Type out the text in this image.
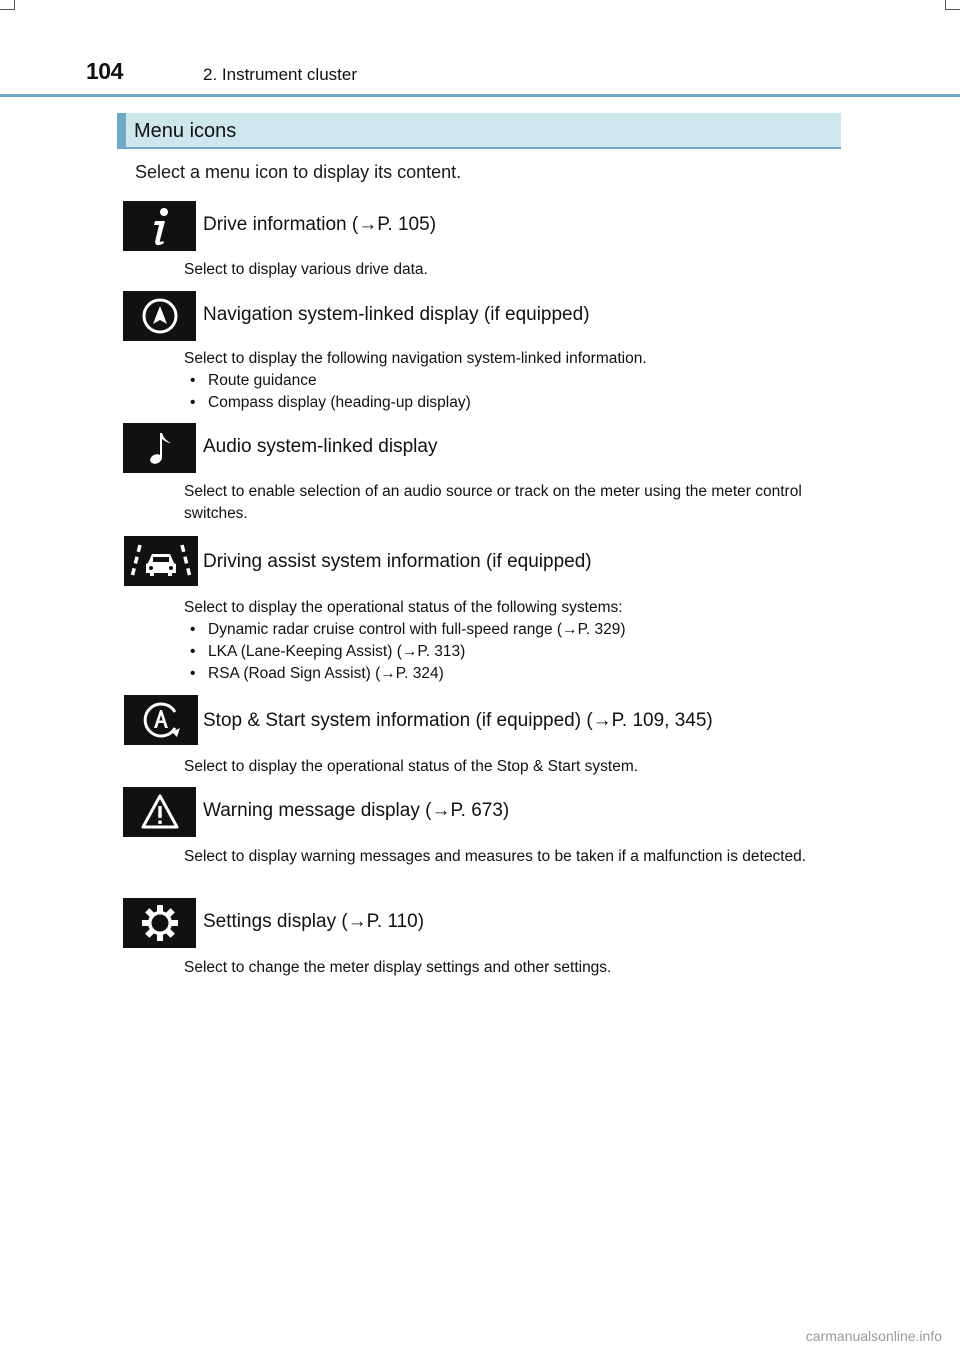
104	2. Instrument cluster
Menu icons
Select a menu icon to display its content.
Drive information (→P. 105)
Select to display various drive data.
Navigation system-linked display (if equipped)
Select to display the following navigation system-linked information.
• Route guidance
• Compass display (heading-up display)
Audio system-linked display
Select to enable selection of an audio source or track on the meter using the meter control switches.
Driving assist system information (if equipped)
Select to display the operational status of the following systems:
• Dynamic radar cruise control with full-speed range (→P. 329)
• LKA (Lane-Keeping Assist) (→P. 313)
• RSA (Road Sign Assist) (→P. 324)
Stop & Start system information (if equipped) (→P. 109, 345)
Select to display the operational status of the Stop & Start system.
Warning message display (→P. 673)
Select to display warning messages and measures to be taken if a malfunction is detected.
Settings display (→P. 110)
Select to change the meter display settings and other settings.
carmanualsonline.info
